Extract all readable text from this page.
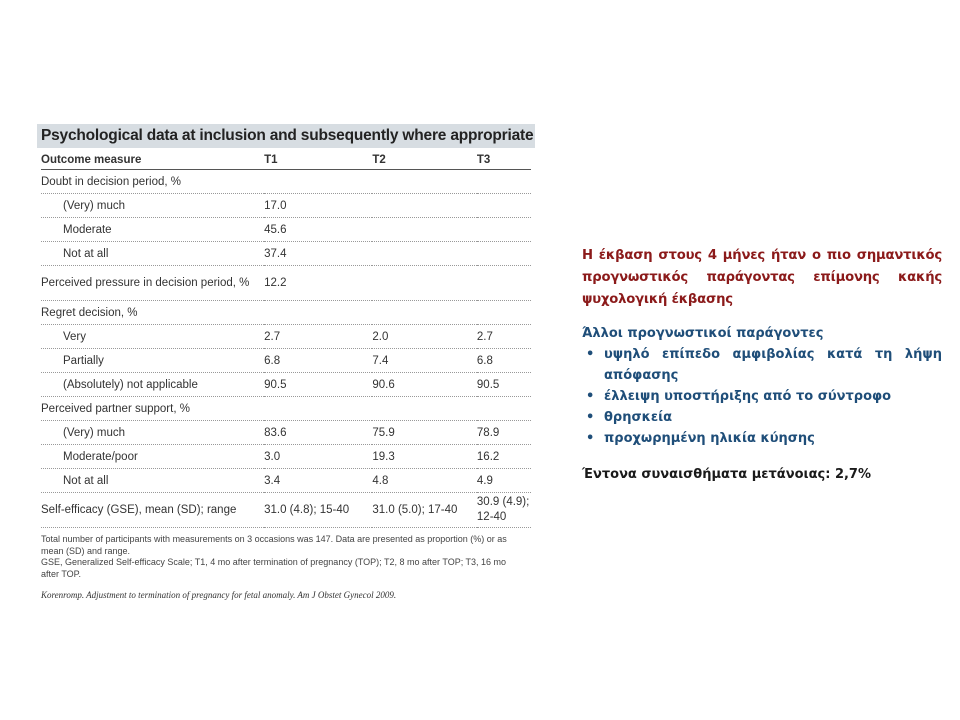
Psychological data at inclusion and subsequently where appropriate
Outcome measure	T1	T2	T3
Doubt in decision period, %			
(Very) much	17.0		
Moderate	45.6		
Not at all	37.4		
Perceived pressure in decision period, %	12.2		
Regret decision, %			
Very	2.7	2.0	2.7
Partially	6.8	7.4	6.8
(Absolutely) not applicable	90.5	90.6	90.5
Perceived partner support, %			
(Very) much	83.6	75.9	78.9
Moderate/poor	3.0	19.3	16.2
Not at all	3.4	4.8	4.9
Self-efficacy (GSE), mean (SD); range	31.0 (4.8); 15-40	31.0 (5.0); 17-40	30.9 (4.9); 12-40
Total number of participants with measurements on 3 occasions was 147. Data are presented as proportion (%) or as mean (SD) and range.
GSE, Generalized Self-efficacy Scale; T1, 4 mo after termination of pregnancy (TOP); T2, 8 mo after TOP; T3, 16 mo after TOP.
Korenromp. Adjustment to termination of pregnancy for fetal anomaly. Am J Obstet Gynecol 2009.
Η έκβαση στους 4 μήνες ήταν ο πιο σημαντικός προγνωστικός παράγοντας επίμονης κακής ψυχολογική έκβασης
Άλλοι προγνωστικοί παράγοντες
• υψηλό επίπεδο αμφιβολίας κατά τη λήψη απόφασης
• έλλειψη υποστήριξης από το σύντροφο
• θρησκεία
• προχωρημένη ηλικία κύησης
Έντονα συναισθήματα μετάνοιας: 2,7%
